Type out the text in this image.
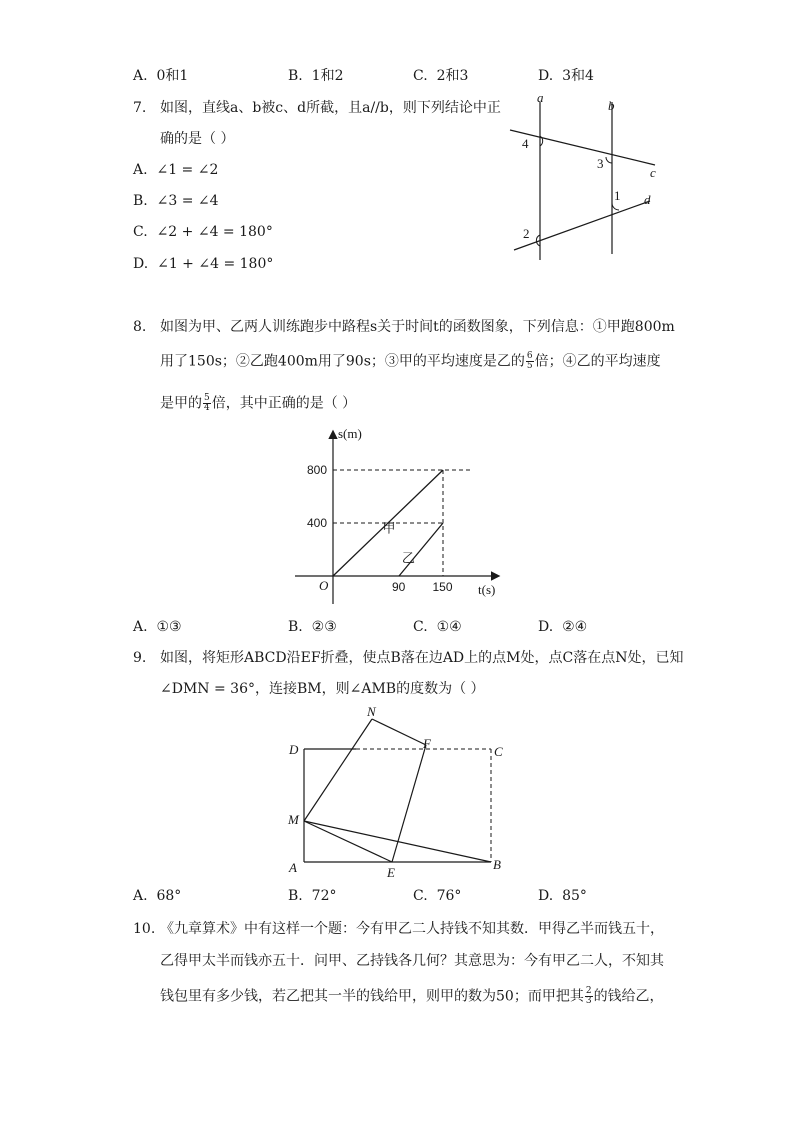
A. 0和1	B. 1和2	C. 2和3	D. 3和4
7. 如图，直线a、b被c、d所截，且a//b，则下列结论中正
确的是（ ）
A. ∠1 = ∠2
B. ∠3 = ∠4
C. ∠2 + ∠4 = 180°
D. ∠1 + ∠4 = 180°
a
b
c
d
4
3
1
2
8. 如图为甲、乙两人训练跑步中路程s关于时间t的函数图象，下列信息：①甲跑800m
用了150s；②乙跑400m用了90s；③甲的平均速度是乙的 $\frac{6}{5}$ 倍；④乙的平均速度
是甲的 $\frac{5}{4}$ 倍，其中正确的是（ ）
甲
乙
400
800
90 150
s(m)
t(s)
O
A. ①③	B. ②③	C. ①④	D. ②④
9. 如图，将矩形ABCD沿EF折叠，使点B落在边AD上的点M处，点C落在点N处，已知
∠DMN = 36°，连接BM，则∠AMB的度数为（ ）
N
D	F
C
M
A	E
B
A. 68°	B. 72°	C. 76°	D. 85°
10. 《九章算术》中有这样一个题：今有甲乙二人持钱不知其数．甲得乙半而钱五十，
乙得甲太半而钱亦五十．问甲、乙持钱各几何？其意思为：今有甲乙二人，不知其
钱包里有多少钱，若乙把其一半的钱给甲，则甲的数为50；而甲把其 $\frac{2}{3}$ 的钱给乙，
